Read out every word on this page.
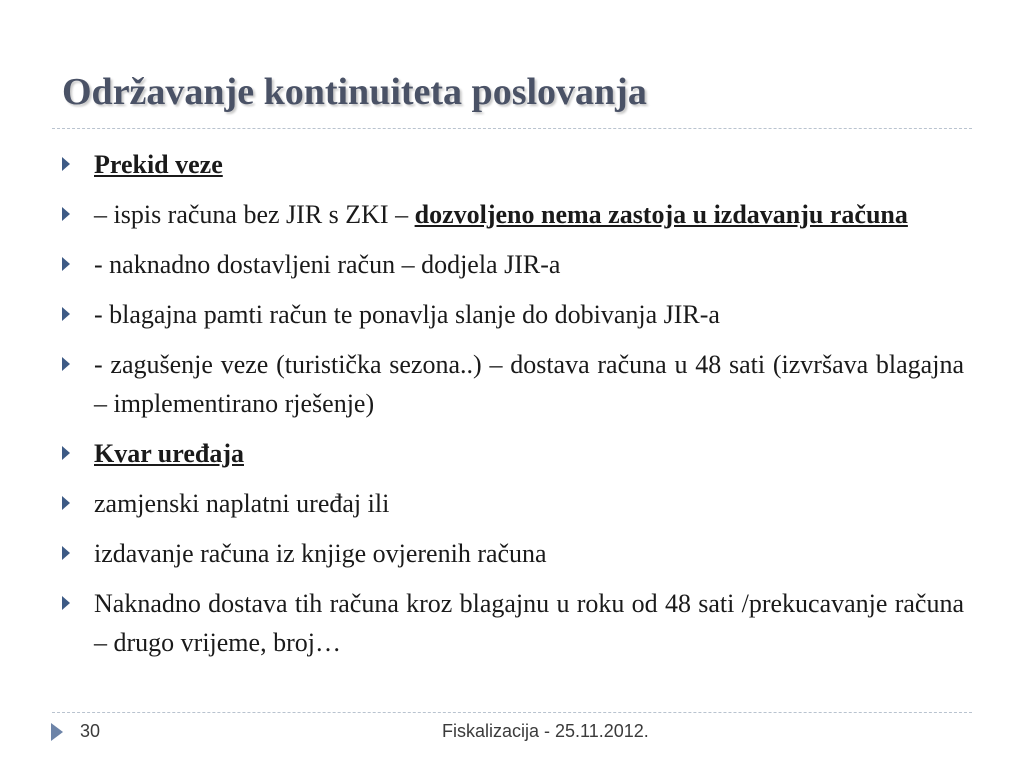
Održavanje kontinuiteta poslovanja
Prekid veze
– ispis računa bez JIR s ZKI – dozvoljeno nema zastoja u izdavanju računa
- naknadno dostavljeni račun – dodjela JIR-a
- blagajna pamti račun te ponavlja slanje do dobivanja JIR-a
- zagušenje veze (turistička sezona..) – dostava računa u 48 sati (izvršava blagajna – implementirano rješenje)
Kvar uređaja
zamjenski naplatni uređaj ili
izdavanje računa iz knjige ovjerenih računa
Naknadno dostava tih računa kroz blagajnu u roku od 48 sati /prekucavanje računa – drugo vrijeme, broj…
30	Fiskalizacija - 25.11.2012.
